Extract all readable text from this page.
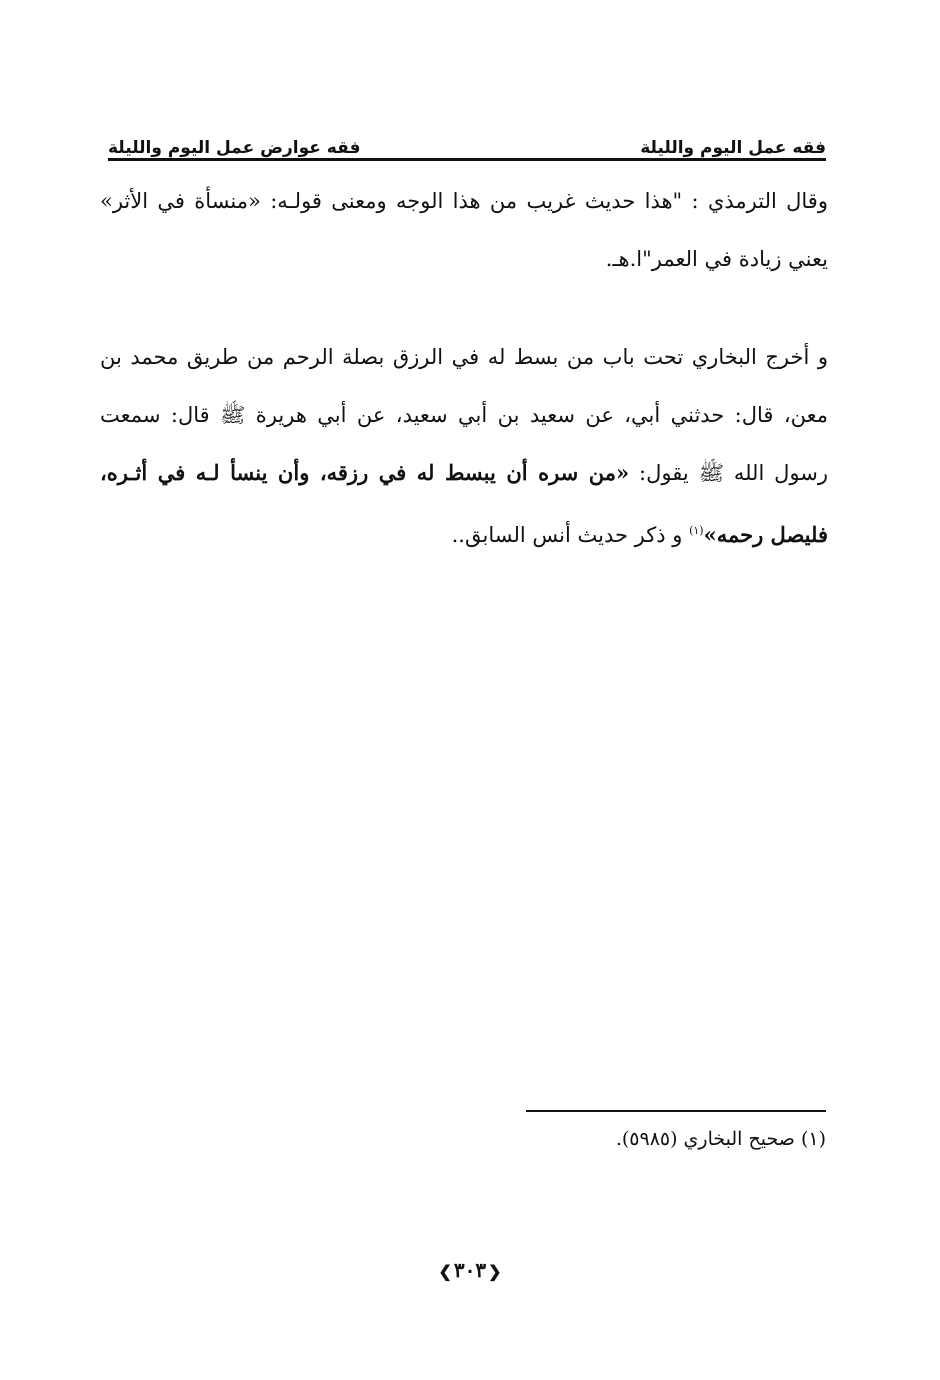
فقه عوارض عمل اليوم والليلة	فقه عمل اليوم والليلة

وقال الترمذي : "هذا حديث غريب من هذا الوجه ومعنى قولـه: «منسأة في الأثر» يعني زيادة في العمر"ا.هـ.

و أخرج البخاري تحت باب من بسط له في الرزق بصلة الرحم من طريق محمد بن معن، قال: حدثني أبي، عن سعيد بن أبي سعيد، عن أبي هريرة ﷺ قال: سمعت رسول الله ﷺ يقول: «من سره أن يبسط له في رزقه، وأن ينسأ لـه في أثـره، فليصل رحمه»$^{(١)}$ و ذكر حديث أنس السابق..

(١) صحيح البخاري (٥٩٨٥).
❮٣٠٣❯
